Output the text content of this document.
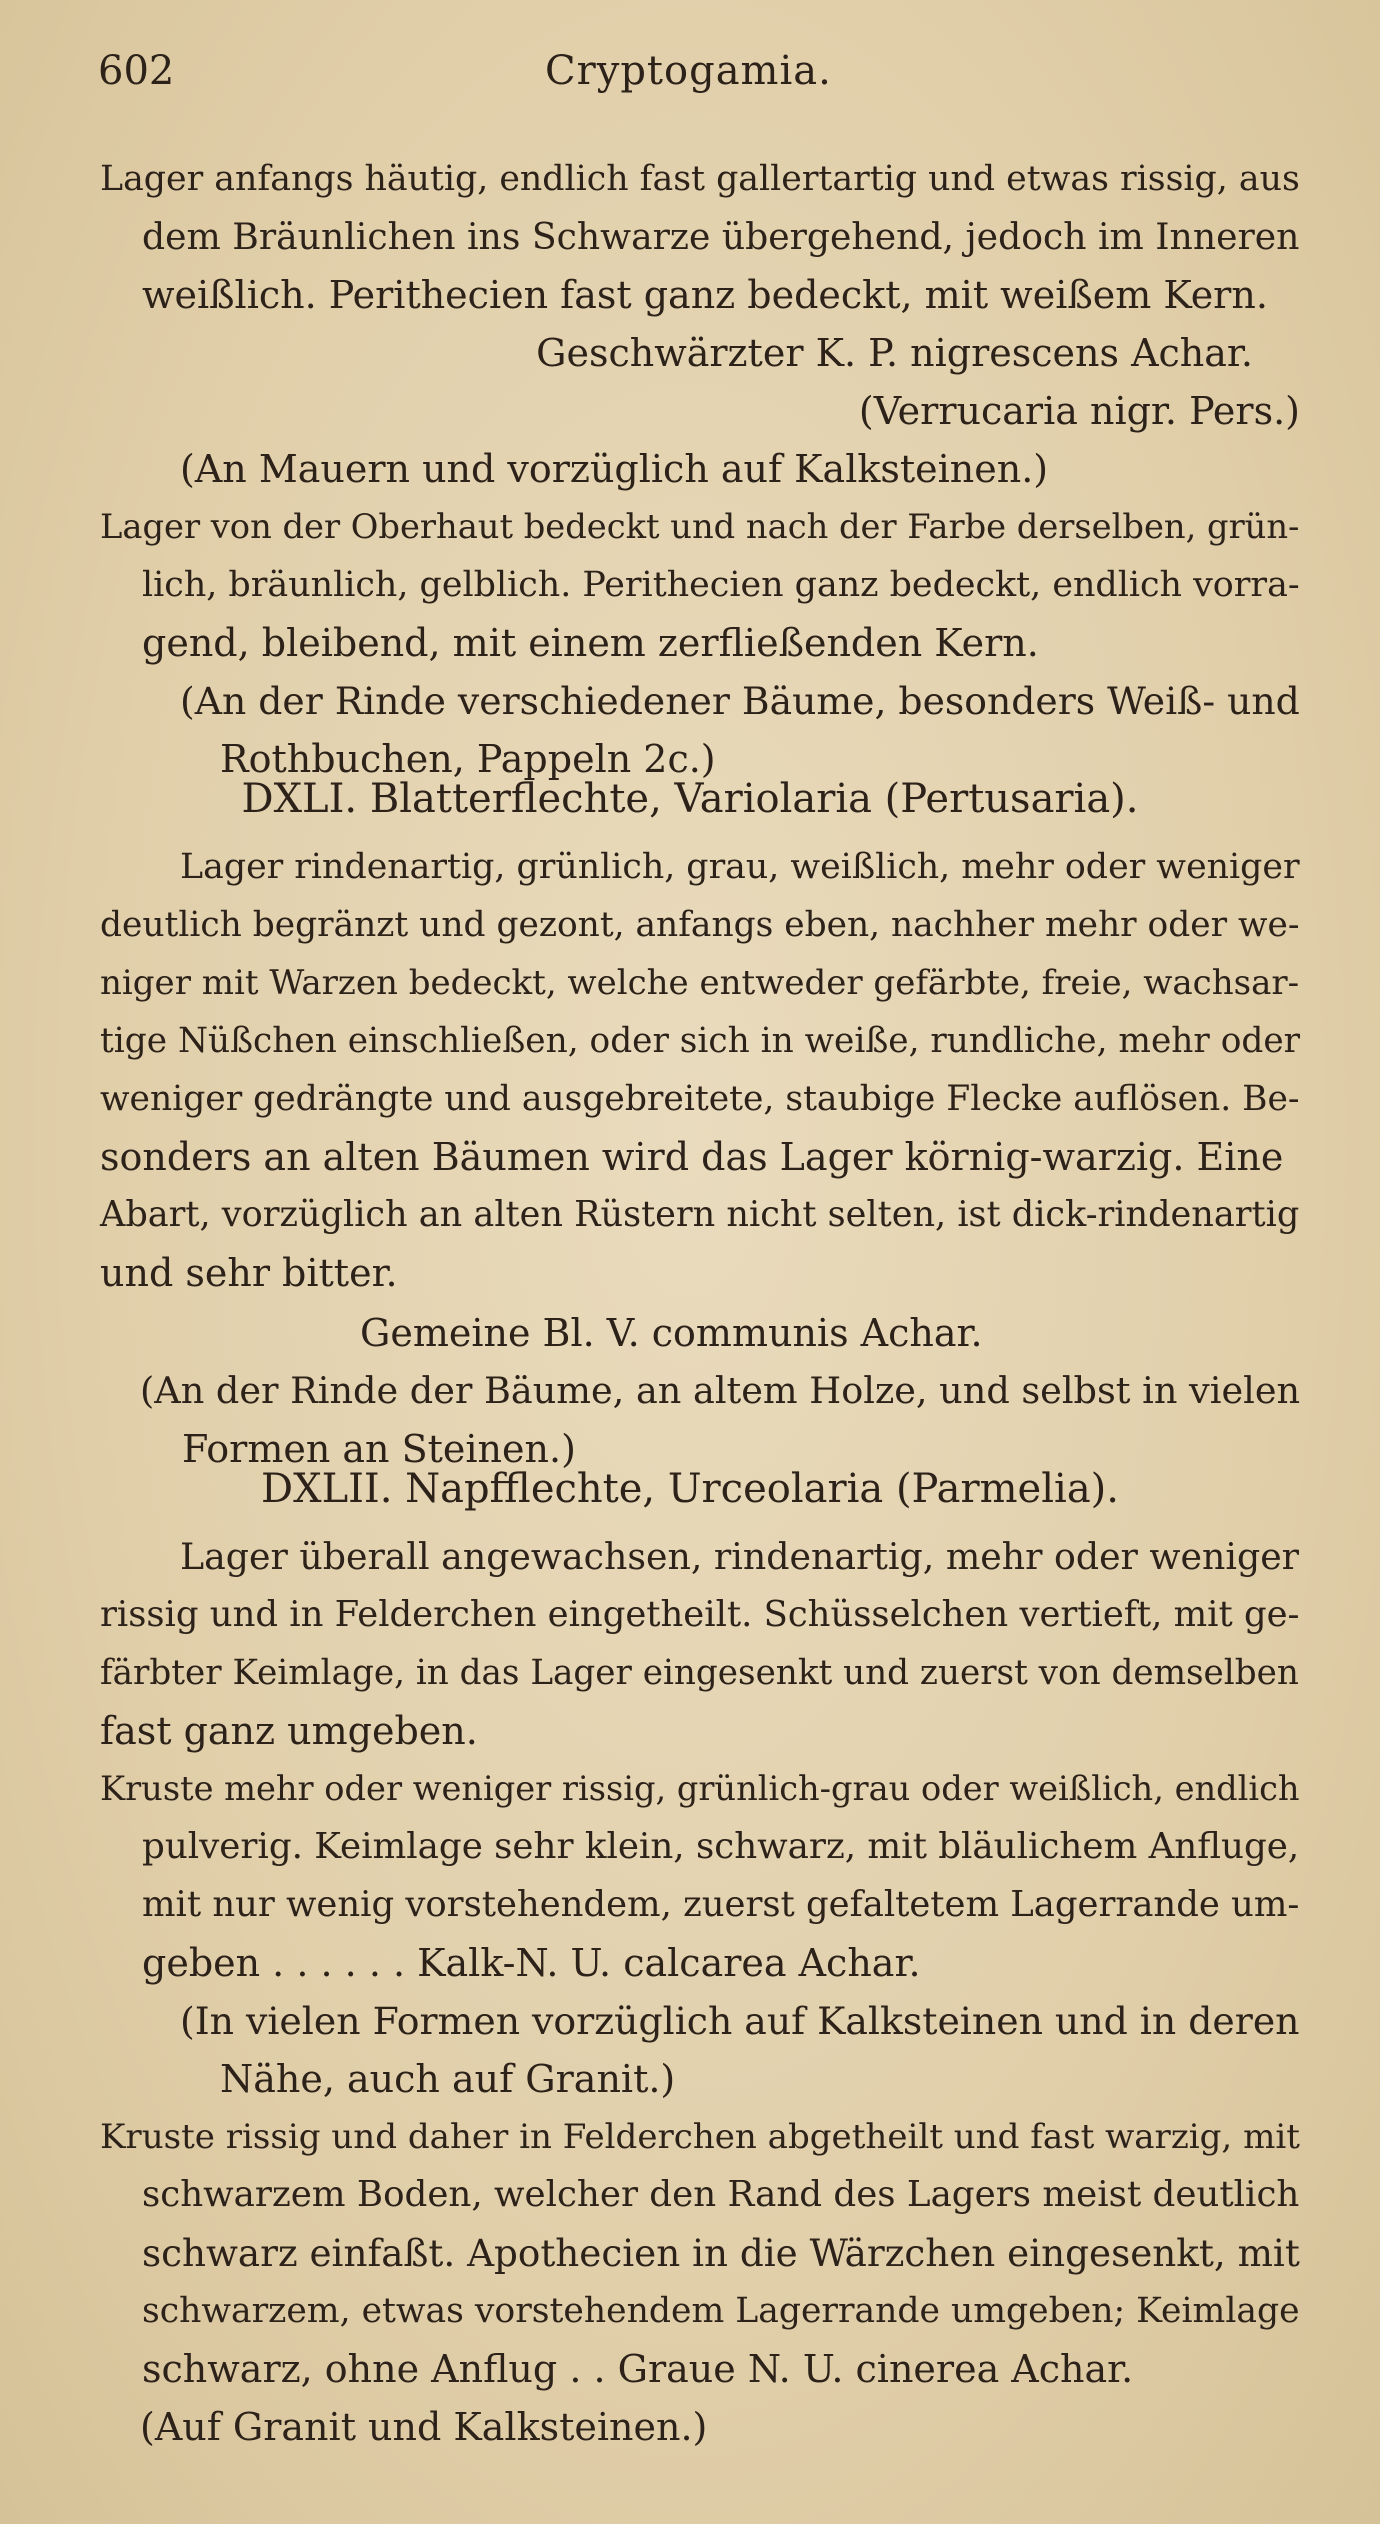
602	Cryptogamia.
Lager anfangs häutig, endlich fast gallertartig und etwas rissig, aus
dem Bräunlichen ins Schwarze übergehend, jedoch im Inneren
weißlich. Perithecien fast ganz bedeckt, mit weißem Kern.
Geschwärzter K. P. nigrescens Achar.
(Verrucaria nigr. Pers.)
(An Mauern und vorzüglich auf Kalksteinen.)
Lager von der Oberhaut bedeckt und nach der Farbe derselben, grün-
lich, bräunlich, gelblich. Perithecien ganz bedeckt, endlich vorra-
gend, bleibend, mit einem zerfließenden Kern.
(An der Rinde verschiedener Bäume, besonders Weiß- und
Rothbuchen, Pappeln 2c.)
DXLI. Blatterflechte, Variolaria (Pertusaria).
Lager rindenartig, grünlich, grau, weißlich, mehr oder weniger
deutlich begränzt und gezont, anfangs eben, nachher mehr oder we-
niger mit Warzen bedeckt, welche entweder gefärbte, freie, wachsar-
tige Nüßchen einschließen, oder sich in weiße, rundliche, mehr oder
weniger gedrängte und ausgebreitete, staubige Flecke auflösen. Be-
sonders an alten Bäumen wird das Lager körnig-warzig. Eine
Abart, vorzüglich an alten Rüstern nicht selten, ist dick-rindenartig
und sehr bitter.
Gemeine Bl. V. communis Achar.
(An der Rinde der Bäume, an altem Holze, und selbst in vielen
Formen an Steinen.)
DXLII. Napfflechte, Urceolaria (Parmelia).
Lager überall angewachsen, rindenartig, mehr oder weniger
rissig und in Felderchen eingetheilt. Schüsselchen vertieft, mit ge-
färbter Keimlage, in das Lager eingesenkt und zuerst von demselben
fast ganz umgeben.
Kruste mehr oder weniger rissig, grünlich-grau oder weißlich, endlich
pulverig. Keimlage sehr klein, schwarz, mit bläulichem Anfluge,
mit nur wenig vorstehendem, zuerst gefaltetem Lagerrande um-
geben . . . . . . Kalk-N. U. calcarea Achar.
(In vielen Formen vorzüglich auf Kalksteinen und in deren
Nähe, auch auf Granit.)
Kruste rissig und daher in Felderchen abgetheilt und fast warzig, mit
schwarzem Boden, welcher den Rand des Lagers meist deutlich
schwarz einfaßt. Apothecien in die Wärzchen eingesenkt, mit
schwarzem, etwas vorstehendem Lagerrande umgeben; Keimlage
schwarz, ohne Anflug . . Graue N. U. cinerea Achar.
(Auf Granit und Kalksteinen.)
